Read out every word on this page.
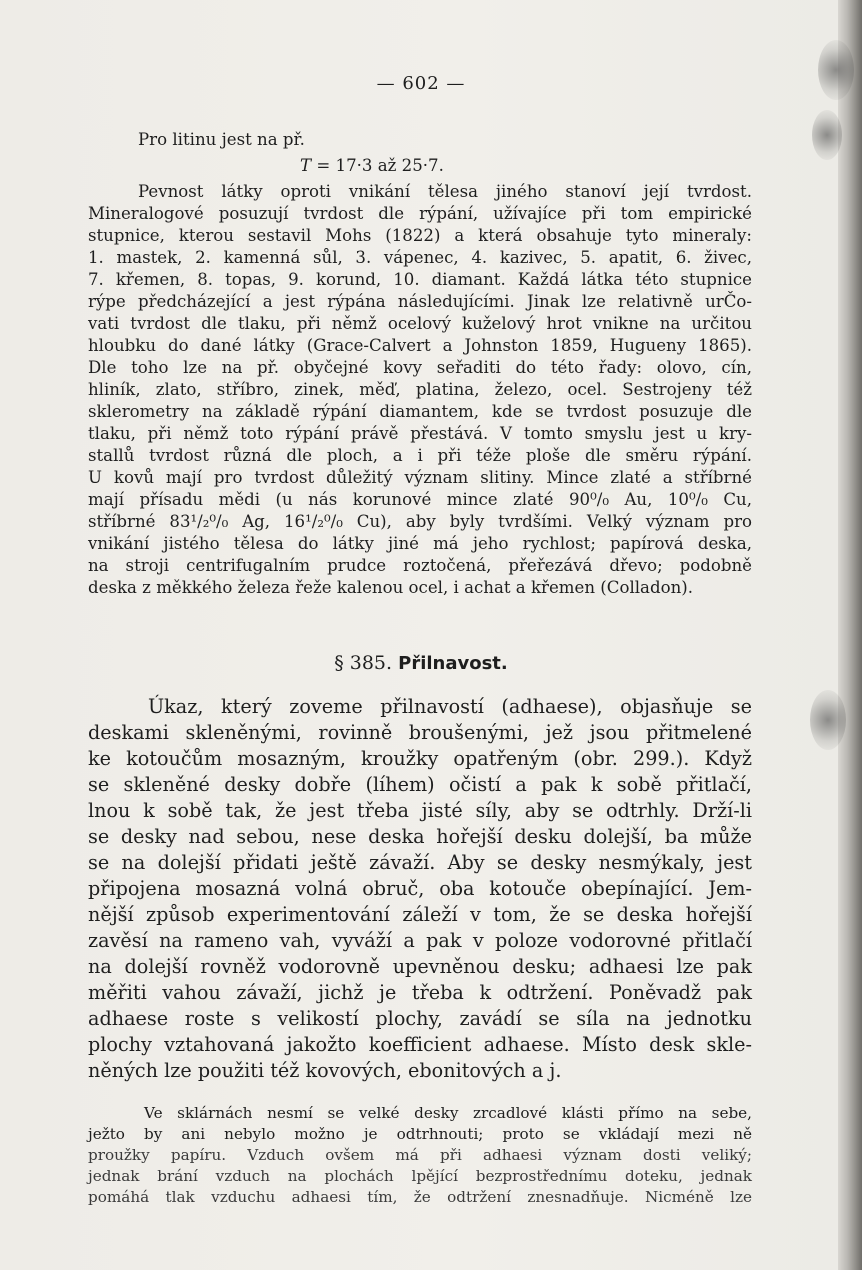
— 602 —
Pro litinu jest na př.
T = 17·3 až 25·7.
Pevnost látky oproti vnikání tělesa jiného stanoví její tvrdost.
Mineralogové posuzují tvrdost dle rýpání, užívajíce při tom empirické
stupnice, kterou sestavil Mohs (1822) a která obsahuje tyto mineraly:
1. mastek, 2. kamenná sůl, 3. vápenec, 4. kazivec, 5. apatit, 6. živec,
7. křemen, 8. topas, 9. korund, 10. diamant. Každá látka této stupnice
rýpe předcházející a jest rýpána následujícími. Jinak lze relativně urČo-
vati tvrdost dle tlaku, při němž ocelový kuželový hrot vnikne na určitou
hloubku do dané látky (Grace-Calvert a Johnston 1859, Hugueny 1865).
Dle toho lze na př. obyčejné kovy seřaditi do této řady: olovo, cín,
hliník, zlato, stříbro, zinek, měď, platina, železo, ocel. Sestrojeny též
sklerometry na základě rýpání diamantem, kde se tvrdost posuzuje dle
tlaku, při němž toto rýpání právě přestává. V tomto smyslu jest u kry-
stallů tvrdost různá dle ploch, a i při téže ploše dle směru rýpání.
U kovů mají pro tvrdost důležitý význam slitiny. Mince zlaté a stříbrné
mají přísadu mědi (u nás korunové mince zlaté 90⁰/₀ Au, 10⁰/₀ Cu,
stříbrné 83¹/₂⁰/₀ Ag, 16¹/₂⁰/₀ Cu), aby byly tvrdšími. Velký význam pro
vnikání jistého tělesa do látky jiné má jeho rychlost; papírová deska,
na stroji centrifugalním prudce roztočená, přeřezává dřevo; podobně
deska z měkkého železa řeže kalenou ocel, i achat a křemen (Colladon).
§ 385. Přilnavost.
Úkaz, který zoveme přilnavostí (adhaese), objasňuje se
deskami skleněnými, rovinně broušenými, jež jsou přitmelené
ke kotoučům mosazným, kroužky opatřeným (obr. 299.). Když
se skleněné desky dobře (líhem) očistí a pak k sobě přitlačí,
lnou k sobě tak, že jest třeba jisté síly, aby se odtrhly. Drží-li
se desky nad sebou, nese deska hořejší desku dolejší, ba může
se na dolejší přidati ještě závaží. Aby se desky nesmýkaly, jest
připojena mosazná volná obruč, oba kotouče obepínající. Jem-
nější způsob experimentování záleží v tom, že se deska hořejší
zavěsí na rameno vah, vyváží a pak v poloze vodorovné přitlačí
na dolejší rovněž vodorovně upevněnou desku; adhaesi lze pak
měřiti vahou závaží, jichž je třeba k odtržení. Poněvadž pak
adhaese roste s velikostí plochy, zavádí se síla na jednotku
plochy vztahovaná jakožto koefficient adhaese. Místo desk skle-
něných lze použiti též kovových, ebonitových a j.
Ve sklárnách nesmí se velké desky zrcadlové klásti přímo na sebe,
ježto by ani nebylo možno je odtrhnouti; proto se vkládají mezi ně
proužky papíru. Vzduch ovšem má při adhaesi význam dosti veliký;
jednak brání vzduch na plochách lpějící bezprostřednímu doteku, jednak
pomáhá tlak vzduchu adhaesi tím, že odtržení znesnadňuje. Nicméně lze
